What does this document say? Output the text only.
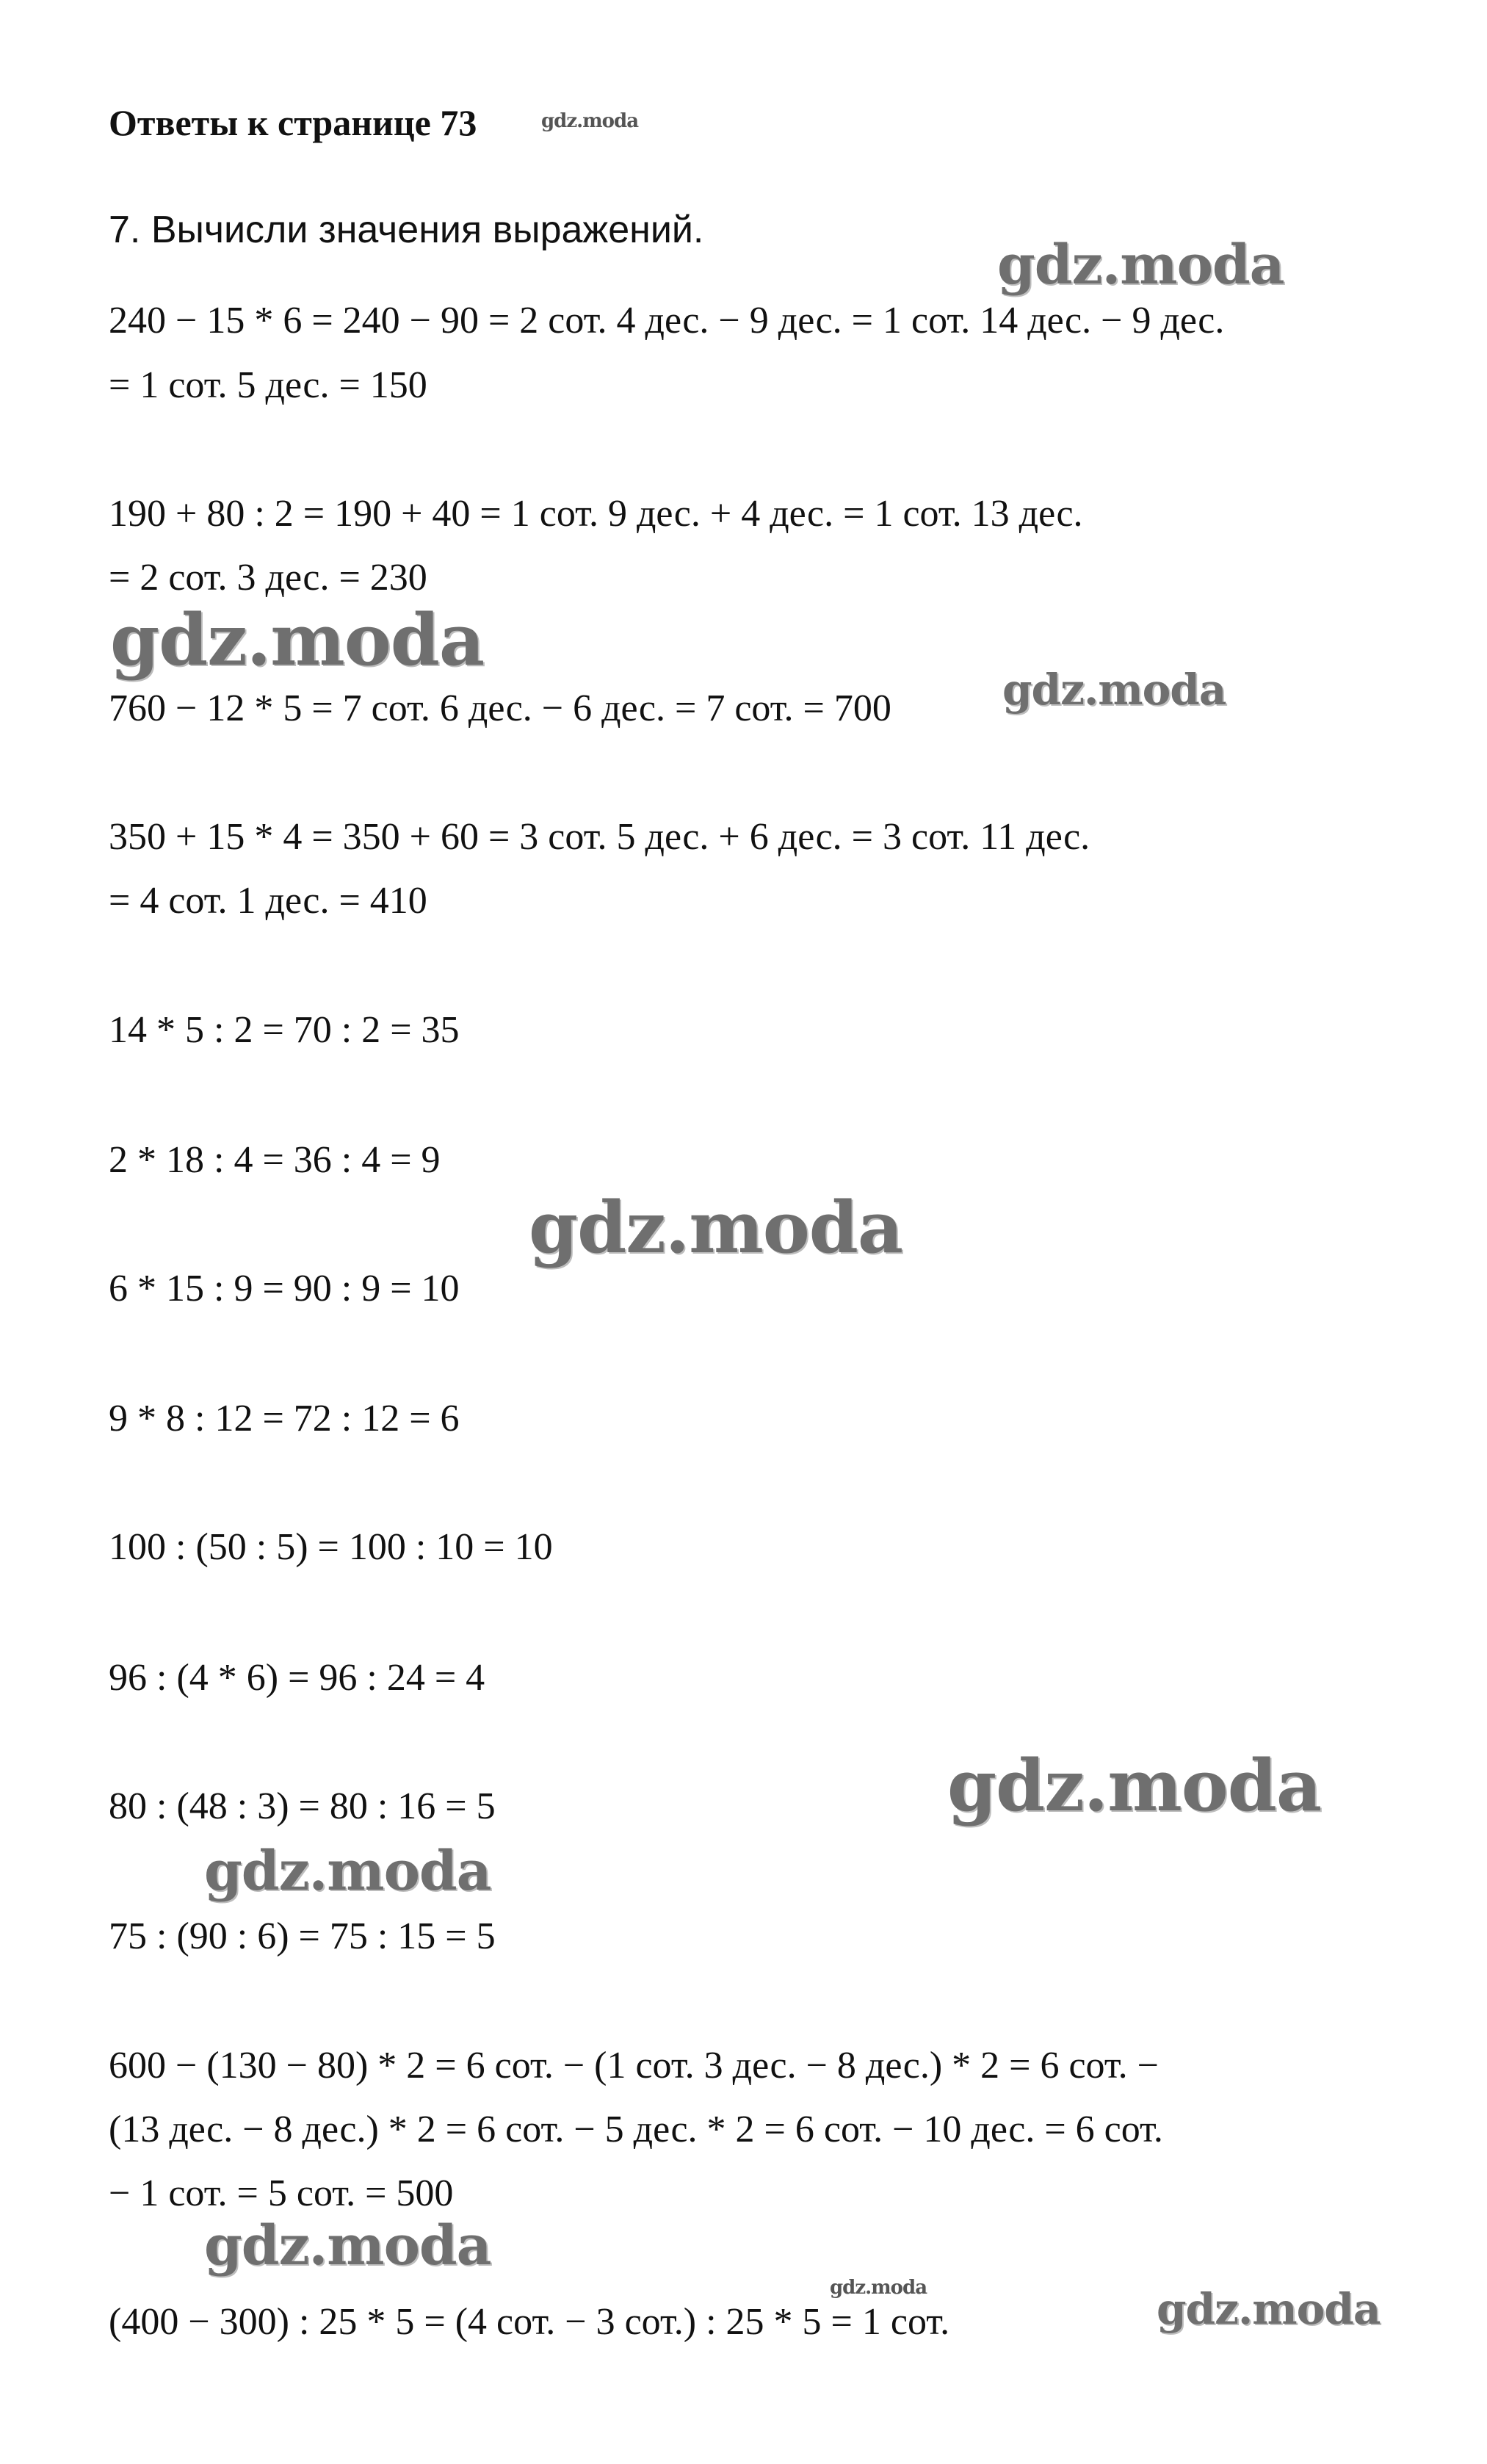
Ответы к странице 73	gdz.moda
7. Вычисли значения выражений.
gdz.moda
240 − 15 * 6 = 240 − 90 = 2 сот. 4 дес. − 9 дес. = 1 сот. 14 дес. − 9 дес.
= 1 сот. 5 дес. = 150
190 + 80 : 2 = 190 + 40 = 1 сот. 9 дес. + 4 дес. = 1 сот. 13 дес.
= 2 сот. 3 дес. = 230
gdz.moda
760 − 12 * 5 = 7 сот. 6 дес. − 6 дес. = 7 сот. = 700	gdz.moda
350 + 15 * 4 = 350 + 60 = 3 сот. 5 дес. + 6 дес. = 3 сот. 11 дес.
= 4 сот. 1 дес. = 410
14 * 5 : 2 = 70 : 2 = 35
2 * 18 : 4 = 36 : 4 = 9
gdz.moda
6 * 15 : 9 = 90 : 9 = 10
9 * 8 : 12 = 72 : 12 = 6
100 : (50 : 5) = 100 : 10 = 10
96 : (4 * 6) = 96 : 24 = 4
gdz.moda
80 : (48 : 3) = 80 : 16 = 5
gdz.moda
75 : (90 : 6) = 75 : 15 = 5
600 − (130 − 80) * 2 = 6 сот. − (1 сот. 3 дес. − 8 дес.) * 2 = 6 сот. −
(13 дес. − 8 дес.) * 2 = 6 сот. − 5 дес. * 2 = 6 сот. − 10 дес. = 6 сот.
− 1 сот. = 5 сот. = 500
gdz.moda
gdz.moda
(400 − 300) : 25 * 5 = (4 сот. − 3 сот.) : 25 * 5 = 1 сот.	gdz.moda
